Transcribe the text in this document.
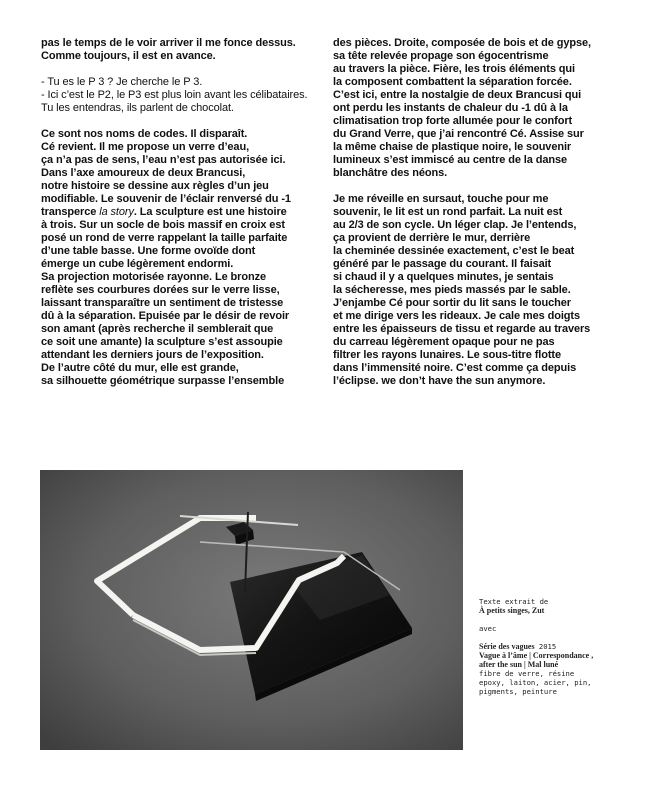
pas le temps de le voir arriver il me fonce dessus.
Comme toujours, il est en avance.

- Tu es le P 3 ? Je cherche le P 3.
- Ici c’est le P2, le P3 est plus loin avant les célibataires.
Tu les entendras, ils parlent de chocolat.

Ce sont nos noms de codes. Il disparaît.
Cé revient. Il me propose un verre d’eau,
ça n’a pas de sens, l’eau n’est pas autorisée ici.
Dans l’axe amoureux de deux Brancusi,
notre histoire se dessine aux règles d’un jeu
modifiable. Le souvenir de l’éclair renversé du -1
transperce la story. La sculpture est une histoire
à trois. Sur un socle de bois massif en croix est
posé un rond de verre rappelant la taille parfaite
d’une table basse. Une forme ovoïde dont
émerge un cube légèrement endormi.
Sa projection motorisée rayonne. Le bronze
reflète ses courbures dorées sur le verre lisse,
laissant transparaître un sentiment de tristesse
dû à la séparation. Epuisée par le désir de revoir
son amant (après recherche il semblerait que
ce soit une amante) la sculpture s’est assoupie
attendant les derniers jours de l’exposition.
De l’autre côté du mur, elle est grande,
sa silhouette géométrique surpasse l’ensemble

des pièces. Droite, composée de bois et de gypse,
sa tête relevée propage son égocentrisme
au travers la pièce. Fière, les trois éléments qui
la composent combattent la séparation forcée.
C’est ici, entre la nostalgie de deux Brancusi qui
ont perdu les instants de chaleur du -1 dû à la
climatisation trop forte allumée pour le confort
du Grand Verre, que j’ai rencontré Cé. Assise sur
la même chaise de plastique noire, le souvenir
lumineux s’est immiscé au centre de la danse
blanchâtre des néons.

Je me réveille en sursaut, touche pour me
souvenir, le lit est un rond parfait. La nuit est
au 2/3 de son cycle. Un léger clap. Je l’entends,
ça provient de derrière le mur, derrière
la cheminée dessinée exactement, c’est le beat
généré par le passage du courant. Il faisait
si chaud il y a quelques minutes, je sentais
la sécheresse, mes pieds massés par le sable.
J’enjambe Cé pour sortir du lit sans le toucher
et me dirige vers les rideaux. Je cale mes doigts
entre les épaisseurs de tissu et regarde au travers
du carreau légèrement opaque pour ne pas
filtrer les rayons lunaires. Le sous-titre flotte
dans l’immensité noire. C’est comme ça depuis
l’éclipse. we don’t have the sun anymore.

Texte extrait de
À petits singes, Zut
avec
Série des vagues 2015
Vague à l’âme | Correspondance ,
after the sun | Mal luné
fibre de verre, résine
epoxy, laiton, acier, pin,
pigments, peinture
